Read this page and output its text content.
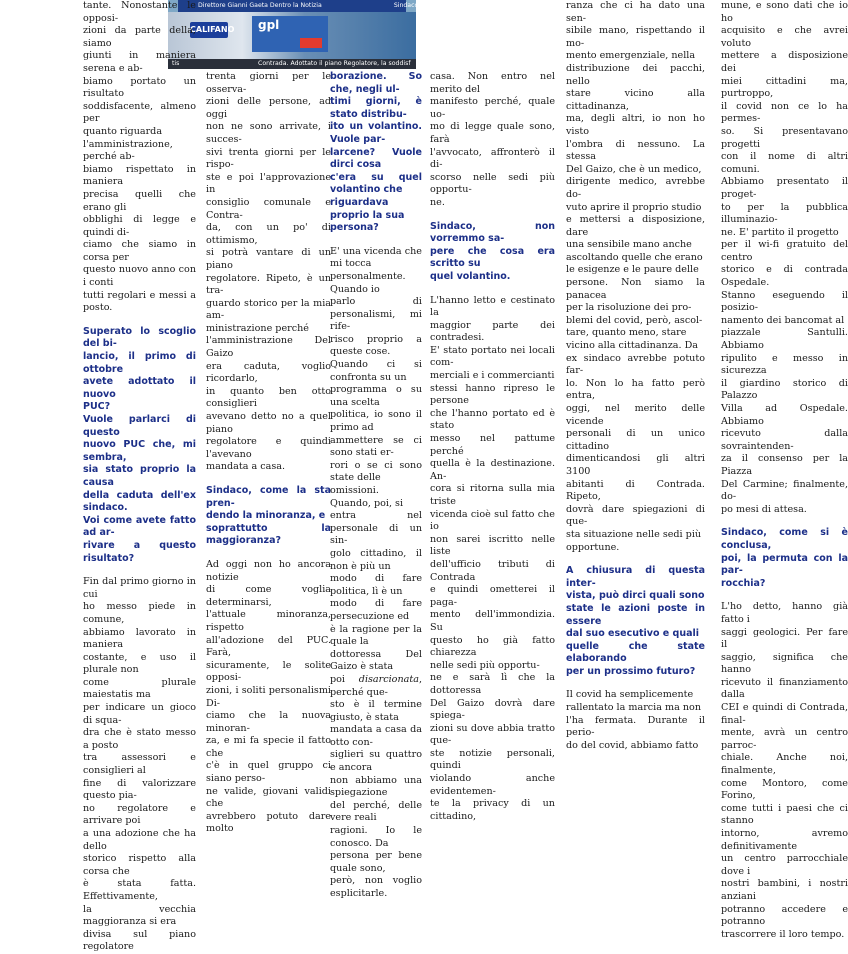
Direttore Gianni Gaeta Dentro la Notizia	Sindaco contrada
CALIFANO	gpl
tis	Contrada. Adottato il piano Regolatore, la soddisf

tante. Nonostante le opposi-

zioni da parte della, siamo

giunti in maniera serena e ab-

biamo portato un risultato

soddisfacente, almeno per

quanto riguarda

l'amministrazione, perché ab-

biamo rispettato in maniera

precisa quelli che erano gli

obblighi di legge e quindi di-

ciamo che siamo in corsa per

questo nuovo anno con i conti

tutti regolari e messi a posto.

Superato lo scoglio del bi-

lancio, il primo di ottobre

avete adottato il nuovo

PUC?

Vuole parlarci di questo

nuovo PUC che, mi sembra,

sia stato proprio la causa

della caduta dell'ex sindaco.

Voi come avete fatto ad ar-

rivare a questo risultato?

Fin dal primo giorno in cui

ho messo piede in comune,

abbiamo lavorato in maniera

costante, e uso il plurale non

come plurale maiestatis ma

per indicare un gioco di squa-

dra che è stato messo a posto

tra assessori e consiglieri al

fine di valorizzare questo pia-

no regolatore e arrivare poi

a una adozione che ha dello

storico rispetto alla corsa che

è stata fatta. Effettivamente,

la vecchia maggioranza si era

divisa sul piano regolatore

trenta giorni per le osserva-

zioni delle persone, ad oggi

non ne sono arrivate, i succes-

sivi trenta giorni per le rispo-

ste e poi l'approvazione in

consiglio comunale e Contra-

da, con un po' di ottimismo,

si potrà vantare di un piano

regolatore. Ripeto, è un tra-

guardo storico per la mia am-

ministrazione perché

l'amministrazione Del Gaizo

era caduta, voglio ricordarlo,

in quanto ben otto consiglieri

avevano detto no a quel piano

regolatore e quindi l'avevano

mandata a casa.

Sindaco, come la sta pren-

dendo la minoranza, e

soprattutto la maggioranza?

Ad oggi non ho ancora notizie

di come voglia determinarsi,

l'attuale minoranza, rispetto

all'adozione del PUC. Farà,

sicuramente, le solite opposi-

zioni, i soliti personalismi Di-

ciamo che la nuova minoran-

za, e mi fa specie il fatto che

c'è in quel gruppo ci siano perso-

ne valide, giovani validi che

avrebbero potuto dare molto

borazione. So che, negli ul-

timi giorni, è stato distribu-

ito un volantino. Vuole par-

larcene? Vuole dirci cosa

c'era su quel volantino che

riguardava proprio la sua

persona?

E' una vicenda che mi tocca

personalmente. Quando io

parlo di personalismi, mi rife-

risco proprio a queste cose.

Quando ci si confronta su un

programma o su una scelta

politica, io sono il primo ad

ammettere se ci sono stati er-

rori o se ci sono state delle

omissioni. Quando, poi, si

entra nel personale di un sin-

golo cittadino, il non è più un

modo di fare politica, lì è un

modo di fare persecuzione ed

è la ragione per la quale la

dottoressa Del Gaizo è stata

poi disarcionata, perché que-

sto è il termine giusto, è stata

mandata a casa da otto con-

siglieri su quattro e ancora

non abbiamo una spiegazione

del perché, delle vere reali

ragioni. Io le conosco. Da

persona per bene quale sono,

però, non voglio esplicitarle.

casa. Non entro nel merito del

manifesto perché, quale uo-

mo di legge quale sono, farà

l'avvocato, affronterò il di-

scorso nelle sedi più opportu-

ne.

Sindaco, non vorremmo sa-

pere che cosa era scritto su

quel volantino.

L'hanno letto e cestinato la

maggior parte dei contradesi.

E' stato portato nei locali com-

merciali e i commercianti

stessi hanno ripreso le persone

che l'hanno portato ed è stato

messo nel pattume perché

quella è la destinazione. An-

cora si ritorna sulla mia triste

vicenda cioè sul fatto che io

non sarei iscritto nelle liste

dell'ufficio tributi di Contrada

e quindi ometterei il paga-

mento dell'immondizia. Su

questo ho già fatto chiarezza

nelle sedi più opportu-

ne e sarà lì che la dottoressa

Del Gaizo dovrà dare spiega-

zioni su dove abbia tratto que-

ste notizie personali, quindi

violando anche evidentemen-

te la privacy di un cittadino,

ranza che ci ha dato una sen-

sibile mano, rispettando il mo-

mento emergenziale, nella

distribuzione dei pacchi, nello

stare vicino alla cittadinanza,

ma, degli altri, io non ho visto

l'ombra di nessuno. La stessa

Del Gaizo, che è un medico,

dirigente medico, avrebbe do-

vuto aprire il proprio studio

e mettersi a disposizione, dare

una sensibile mano anche

ascoltando quelle che erano

le esigenze e le paure delle

persone. Non siamo la panacea

per la risoluzione dei pro-

blemi del covid, però, ascol-

tare, quanto meno, stare

vicino alla cittadinanza. Da

ex sindaco avrebbe potuto far-

lo. Non lo ha fatto però entra,

oggi, nel merito delle vicende

personali di un unico cittadino

dimenticandosi gli altri 3100

abitanti di Contrada. Ripeto,

dovrà dare spiegazioni di que-

sta situazione nelle sedi più

opportune.

A chiusura di questa inter-

vista, può dirci quali sono

state le azioni poste in essere

dal suo esecutivo e quali

quelle che state elaborando

per un prossimo futuro?

Il covid ha semplicemente

rallentato la marcia ma non

l'ha fermata. Durante il perio-

do del covid, abbiamo fatto

mune, e sono dati che io ho

acquisito e che avrei voluto

mettere a disposizione dei

miei cittadini ma, purtroppo,

il covid non ce lo ha permes-

so. Si presentavano progetti

con il nome di altri comuni.

Abbiamo presentato il proget-

to per la pubblica illuminazio-

ne. E' partito il progetto

per il wi-fi gratuito del centro

storico e di contrada Ospedale.

Stanno eseguendo il posizio-

namento dei bancomat al

piazzale Santulli. Abbiamo

ripulito e messo in sicurezza

il giardino storico di Palazzo

Villa ad Ospedale. Abbiamo

ricevuto dalla sovraintenden-

za il consenso per la Piazza

Del Carmine; finalmente, do-

po mesi di attesa.

Sindaco, come si è conclusa,

poi, la permuta con la par-

rocchia?

L'ho detto, hanno già fatto i

saggi geologici. Per fare il

saggio, significa che hanno

ricevuto il finanziamento dalla

CEI e quindi di Contrada, final-

mente, avrà un centro parroc-

chiale. Anche noi, finalmente,

come Montoro, come Forino,

come tutti i paesi che ci stanno

intorno, avremo definitivamente

un centro parrocchiale dove i

nostri bambini, i nostri anziani

potranno accedere e potranno

trascorrere il loro tempo.
